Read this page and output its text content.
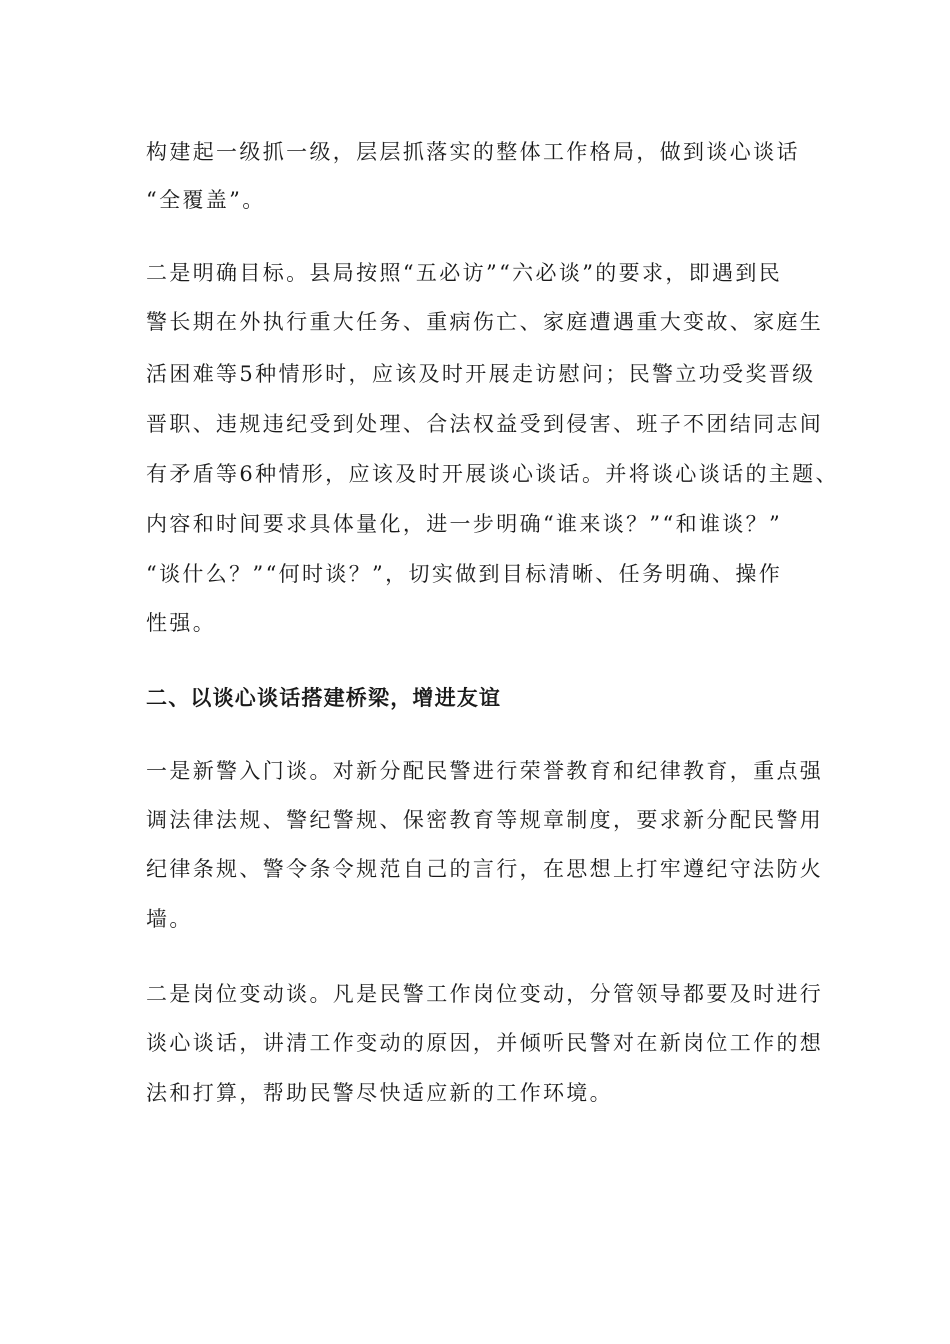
构建起一级抓一级，层层抓落实的整体工作格局，做到谈心谈话
“全覆盖”。
二是明确目标。县局按照“五必访”“六必谈”的要求，即遇到民
警长期在外执行重大任务、重病伤亡、家庭遭遇重大变故、家庭生
活困难等5种情形时，应该及时开展走访慰问；民警立功受奖晋级
晋职、违规违纪受到处理、合法权益受到侵害、班子不团结同志间
有矛盾等6种情形，应该及时开展谈心谈话。并将谈心谈话的主题、
内容和时间要求具体量化，进一步明确“谁来谈？”“和谁谈？”
“谈什么？”“何时谈？”，切实做到目标清晰、任务明确、操作
性强。
二、以谈心谈话搭建桥梁，增进友谊
一是新警入门谈。对新分配民警进行荣誉教育和纪律教育，重点强
调法律法规、警纪警规、保密教育等规章制度，要求新分配民警用
纪律条规、警令条令规范自己的言行，在思想上打牢遵纪守法防火
墙。
二是岗位变动谈。凡是民警工作岗位变动，分管领导都要及时进行
谈心谈话，讲清工作变动的原因，并倾听民警对在新岗位工作的想
法和打算，帮助民警尽快适应新的工作环境。
